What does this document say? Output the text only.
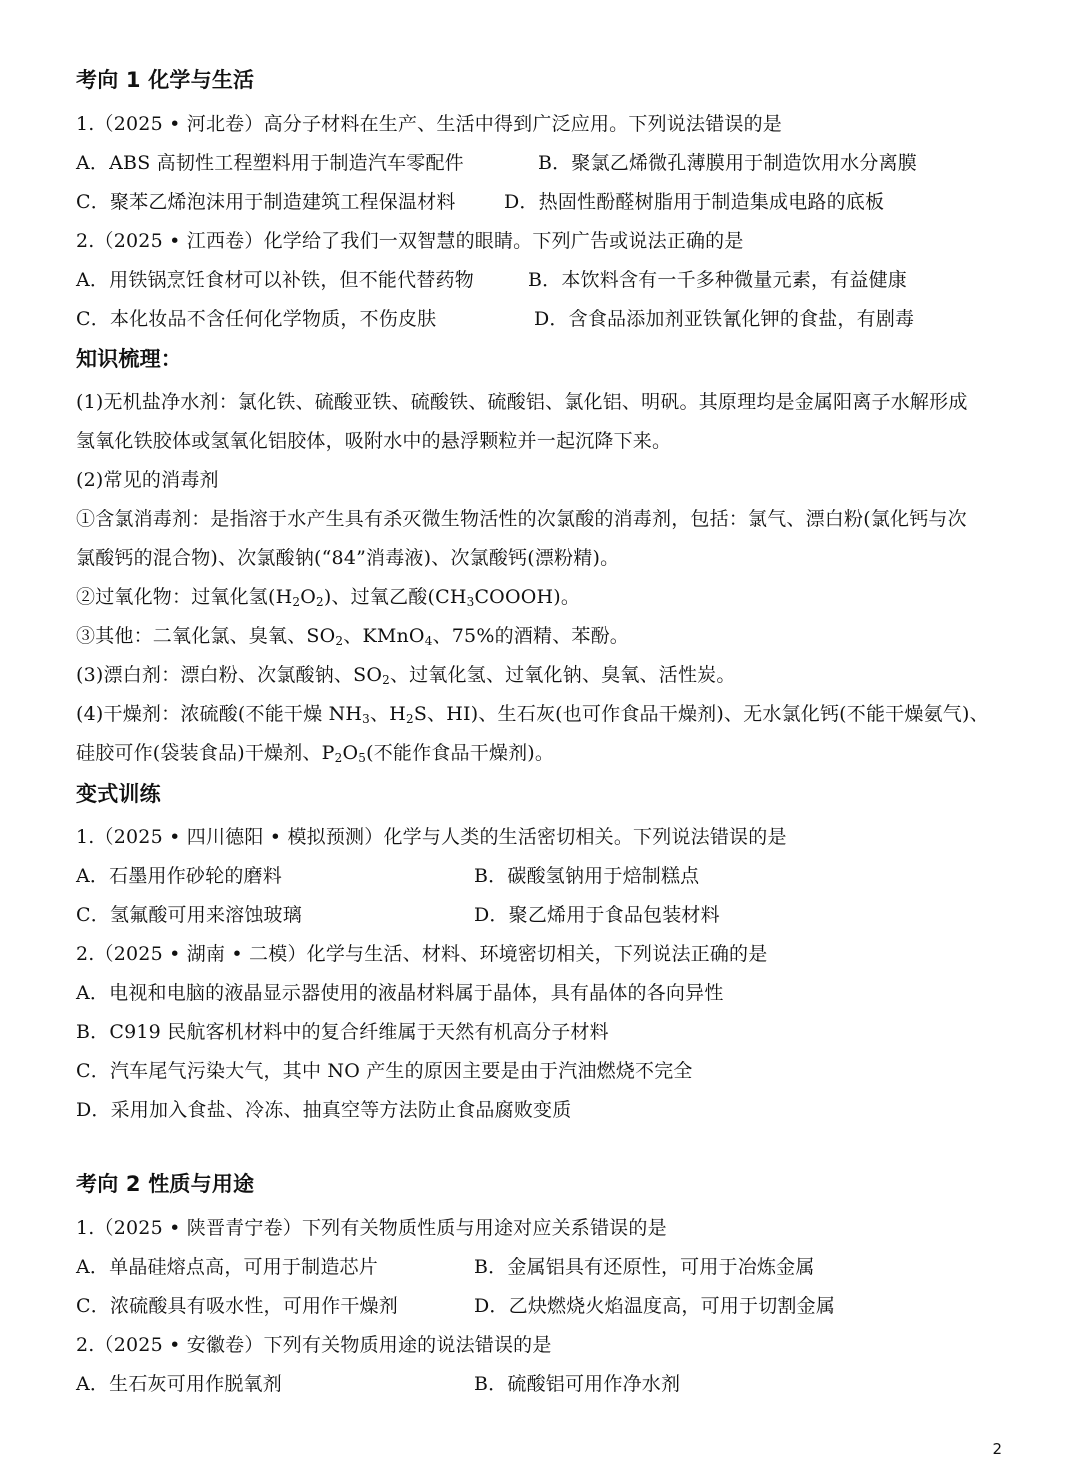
考向 1 化学与生活
1.（2025 • 河北卷）高分子材料在生产、生活中得到广泛应用。下列说法错误的是
A．ABS 高韧性工程塑料用于制造汽车零配件	B．聚氯乙烯微孔薄膜用于制造饮用水分离膜
C．聚苯乙烯泡沫用于制造建筑工程保温材料	D．热固性酚醛树脂用于制造集成电路的底板
2.（2025 • 江西卷）化学给了我们一双智慧的眼睛。下列广告或说法正确的是
A．用铁锅烹饪食材可以补铁，但不能代替药物	B．本饮料含有一千多种微量元素，有益健康
C．本化妆品不含任何化学物质，不伤皮肤	D．含食品添加剂亚铁氰化钾的食盐，有剧毒
知识梳理：
(1)无机盐净水剂：氯化铁、硫酸亚铁、硫酸铁、硫酸铝、氯化铝、明矾。其原理均是金属阳离子水解形成
氢氧化铁胶体或氢氧化铝胶体，吸附水中的悬浮颗粒并一起沉降下来。
(2)常见的消毒剂
①含氯消毒剂：是指溶于水产生具有杀灭微生物活性的次氯酸的消毒剂，包括：氯气、漂白粉(氯化钙与次
氯酸钙的混合物)、次氯酸钠(“84”消毒液)、次氯酸钙(漂粉精)。
②过氧化物：过氧化氢$(H_2O_2)$、过氧乙酸$(CH_3COOOH)$。
③其他：二氧化氯、臭氧、$SO_2$、KMnO$_4$、75%的酒精、苯酚。
(3)漂白剂：漂白粉、次氯酸钠、$SO_2$、过氧化氢、过氧化钠、臭氧、活性炭。
(4)干燥剂：浓硫酸(不能干燥 $NH_3$、$H_2S$、HI)、生石灰(也可作食品干燥剂)、无水氯化钙(不能干燥氨气)、
硅胶可作(袋装食品)干燥剂、$P_2O_5$(不能作食品干燥剂)。
变式训练
1.（2025 • 四川德阳 • 模拟预测）化学与人类的生活密切相关。下列说法错误的是
A．石墨用作砂轮的磨料	B．碳酸氢钠用于焙制糕点
C．氢氟酸可用来溶蚀玻璃	D．聚乙烯用于食品包装材料
2.（2025 • 湖南 • 二模）化学与生活、材料、环境密切相关，下列说法正确的是
A．电视和电脑的液晶显示器使用的液晶材料属于晶体，具有晶体的各向异性
B．C919 民航客机材料中的复合纤维属于天然有机高分子材料
C．汽车尾气污染大气，其中 NO 产生的原因主要是由于汽油燃烧不完全
D．采用加入食盐、冷冻、抽真空等方法防止食品腐败变质
考向 2 性质与用途
1.（2025 • 陕晋青宁卷）下列有关物质性质与用途对应关系错误的是
A．单晶硅熔点高，可用于制造芯片	B．金属铝具有还原性，可用于冶炼金属
C．浓硫酸具有吸水性，可用作干燥剂	D．乙炔燃烧火焰温度高，可用于切割金属
2.（2025 • 安徽卷）下列有关物质用途的说法错误的是
A．生石灰可用作脱氧剂	B．硫酸铝可用作净水剂
2
